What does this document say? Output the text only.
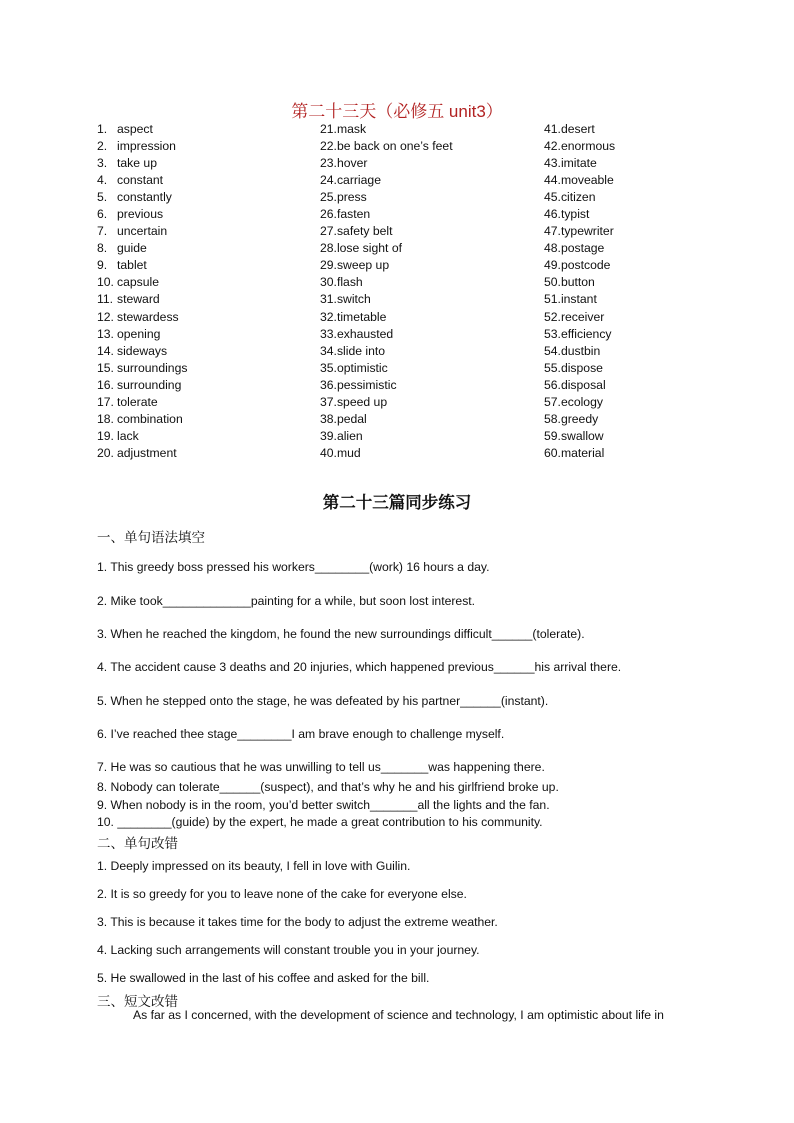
第二十三天（必修五 unit3）
1. aspect
2. impression
3. take up
4. constant
5. constantly
6. previous
7. uncertain
8. guide
9. tablet
10. capsule
11. steward
12. stewardess
13. opening
14. sideways
15. surroundings
16. surrounding
17. tolerate
18. combination
19. lack
20. adjustment
21.mask
22.be back on one’s feet
23.hover
24.carriage
25.press
26.fasten
27.safety belt
28.lose sight of
29.sweep up
30.flash
31.switch
32.timetable
33.exhausted
34.slide into
35.optimistic
36.pessimistic
37.speed up
38.pedal
39.alien
40.mud
41.desert
42.enormous
43.imitate
44.moveable
45.citizen
46.typist
47.typewriter
48.postage
49.postcode
50.button
51.instant
52.receiver
53.efficiency
54.dustbin
55.dispose
56.disposal
57.ecology
58.greedy
59.swallow
60.material
第二十三篇同步练习
一、单句语法填空
1. This greedy boss pressed his workers________(work) 16 hours a day.
2. Mike took_____________painting for a while, but soon lost interest.
3. When he reached the kingdom, he found the new surroundings difficult______(tolerate).
4. The accident cause 3 deaths and 20 injuries, which happened previous______his arrival there.
5. When he stepped onto the stage, he was defeated by his partner______(instant).
6. I’ve reached thee stage________I am brave enough to challenge myself.
7. He was so cautious that he was unwilling to tell us_______was happening there.
8. Nobody can tolerate______(suspect), and that’s why he and his girlfriend broke up.
9. When nobody is in the room, you’d better switch_______all the lights and the fan.
10. ________(guide) by the expert, he made a great contribution to his community.
二、单句改错
1. Deeply impressed on its beauty, I fell in love with Guilin.
2. It is so greedy for you to leave none of the cake for everyone else.
3. This is because it takes time for the body to adjust the extreme weather.
4. Lacking such arrangements will constant trouble you in your journey.
5. He swallowed in the last of his coffee and asked for the bill.
三、短文改错
As far as I concerned, with the development of science and technology, I am optimistic about life in
